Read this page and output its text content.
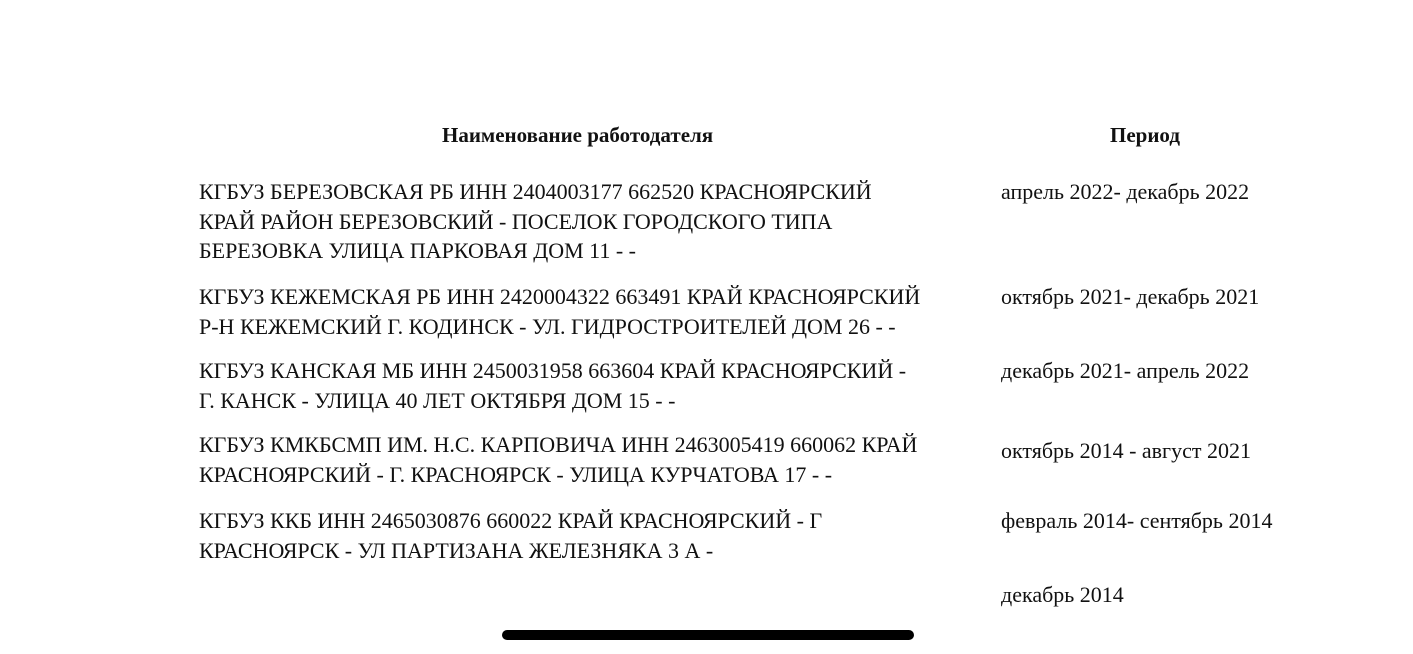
Наименование работодателя	Период
КГБУЗ БЕРЕЗОВСКАЯ РБ ИНН 2404003177 662520 КРАСНОЯРСКИЙ
КРАЙ РАЙОН БЕРЕЗОВСКИЙ - ПОСЕЛОК ГОРОДСКОГО ТИПА
БЕРЕЗОВКА УЛИЦА ПАРКОВАЯ ДОМ 11 - -
апрель 2022- декабрь 2022
КГБУЗ КЕЖЕМСКАЯ РБ ИНН 2420004322 663491 КРАЙ КРАСНОЯРСКИЙ
Р-Н КЕЖЕМСКИЙ Г. КОДИНСК - УЛ. ГИДРОСТРОИТЕЛЕЙ ДОМ 26 - -
октябрь 2021- декабрь 2021
КГБУЗ КАНСКАЯ МБ ИНН 2450031958 663604 КРАЙ КРАСНОЯРСКИЙ -
Г. КАНСК - УЛИЦА 40 ЛЕТ ОКТЯБРЯ ДОМ 15 - -
декабрь 2021- апрель 2022
КГБУЗ КМКБСМП ИМ. Н.С. КАРПОВИЧА ИНН 2463005419 660062 КРАЙ
КРАСНОЯРСКИЙ - Г. КРАСНОЯРСК - УЛИЦА КУРЧАТОВА 17 - -
октябрь 2014 - август 2021
КГБУЗ ККБ ИНН 2465030876 660022 КРАЙ КРАСНОЯРСКИЙ - Г
КРАСНОЯРСК - УЛ ПАРТИЗАНА ЖЕЛЕЗНЯКА 3 А -
февраль 2014- сентябрь 2014
декабрь 2014
